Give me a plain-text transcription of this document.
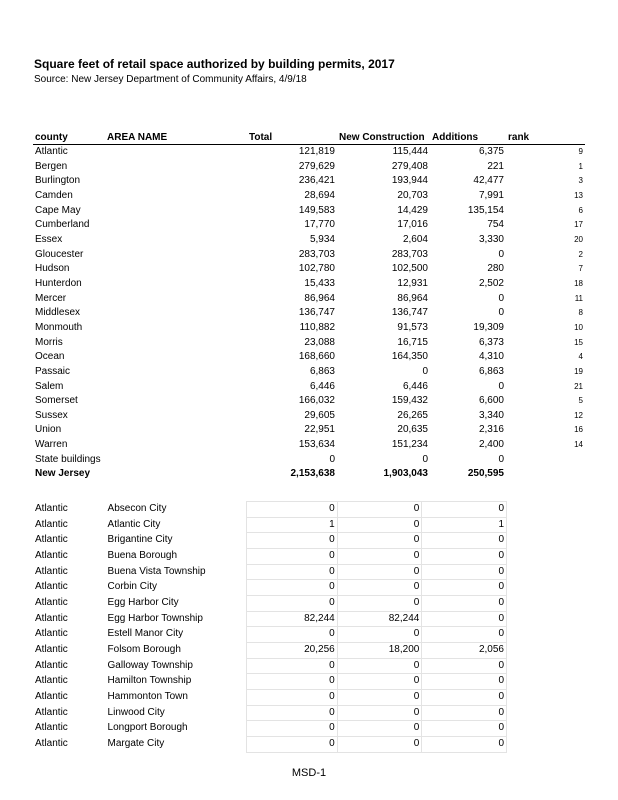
Square feet of retail space authorized by building permits, 2017
Source: New Jersey Department of Community Affairs, 4/9/18
county	AREA NAME	Total	New Construction	Additions	rank
Atlantic		121,819	115,444	6,375	9
Bergen		279,629	279,408	221	1
Burlington		236,421	193,944	42,477	3
Camden		28,694	20,703	7,991	13
Cape May		149,583	14,429	135,154	6
Cumberland		17,770	17,016	754	17
Essex		5,934	2,604	3,330	20
Gloucester		283,703	283,703	0	2
Hudson		102,780	102,500	280	7
Hunterdon		15,433	12,931	2,502	18
Mercer		86,964	86,964	0	11
Middlesex		136,747	136,747	0	8
Monmouth		110,882	91,573	19,309	10
Morris		23,088	16,715	6,373	15
Ocean		168,660	164,350	4,310	4
Passaic		6,863	0	6,863	19
Salem		6,446	6,446	0	21
Somerset		166,032	159,432	6,600	5
Sussex		29,605	26,265	3,340	12
Union		22,951	20,635	2,316	16
Warren		153,634	151,234	2,400	14
State buildings		0	0	0	
New Jersey		2,153,638	1,903,043	250,595	
Atlantic	Absecon City	0	0	0
Atlantic	Atlantic City	1	0	1
Atlantic	Brigantine City	0	0	0
Atlantic	Buena Borough	0	0	0
Atlantic	Buena Vista Township	0	0	0
Atlantic	Corbin City	0	0	0
Atlantic	Egg Harbor City	0	0	0
Atlantic	Egg Harbor Township	82,244	82,244	0
Atlantic	Estell Manor City	0	0	0
Atlantic	Folsom Borough	20,256	18,200	2,056
Atlantic	Galloway Township	0	0	0
Atlantic	Hamilton Township	0	0	0
Atlantic	Hammonton Town	0	0	0
Atlantic	Linwood City	0	0	0
Atlantic	Longport Borough	0	0	0
Atlantic	Margate City	0	0	0
MSD-1
